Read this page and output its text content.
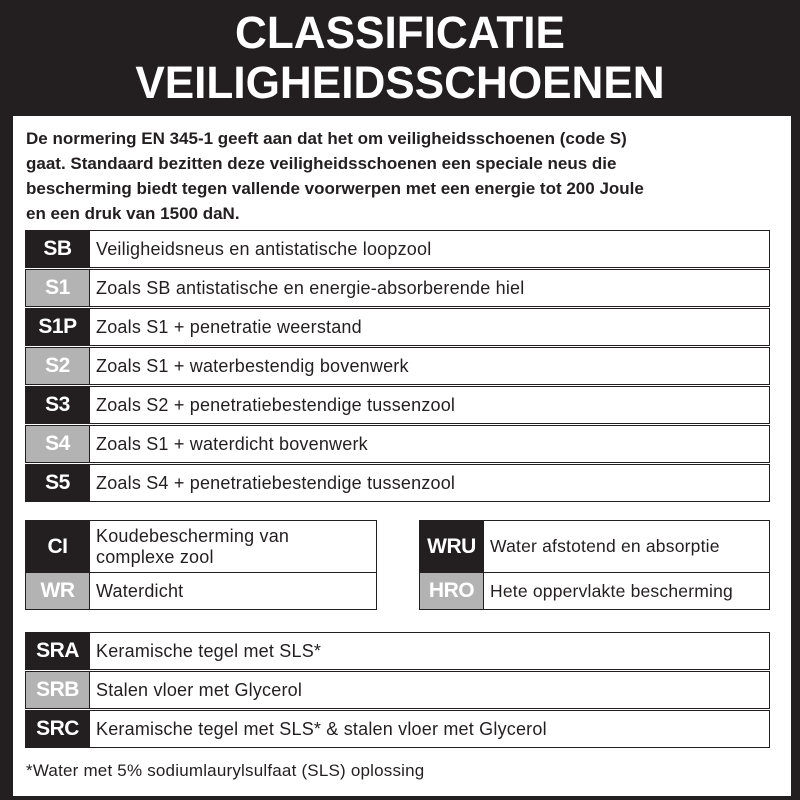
CLASSIFICATIE
VEILIGHEIDSSCHOENEN
De normering EN 345-1 geeft aan dat het om veiligheidsschoenen (code S)
gaat. Standaard bezitten deze veiligheidsschoenen een speciale neus die
bescherming biedt tegen vallende voorwerpen met een energie tot 200 Joule
en een druk van 1500 daN.
SB	Veiligheidsneus en antistatische loopzool
S1	Zoals SB antistatische en energie-absorberende hiel
S1P	Zoals S1 + penetratie weerstand
S2	Zoals S1 + waterbestendig bovenwerk
S3	Zoals S2 + penetratiebestendige tussenzool
S4	Zoals S1 + waterdicht bovenwerk
S5	Zoals S4 + penetratiebestendige tussenzool
CI	Koudebescherming van
complexe zool
WR	Waterdicht
WRU Water afstotend en absorptie
HRO Hete oppervlakte bescherming
SRA Keramische tegel met SLS*
SRB Stalen vloer met Glycerol
SRC Keramische tegel met SLS* & stalen vloer met Glycerol
*Water met 5% sodiumlaurylsulfaat (SLS) oplossing
